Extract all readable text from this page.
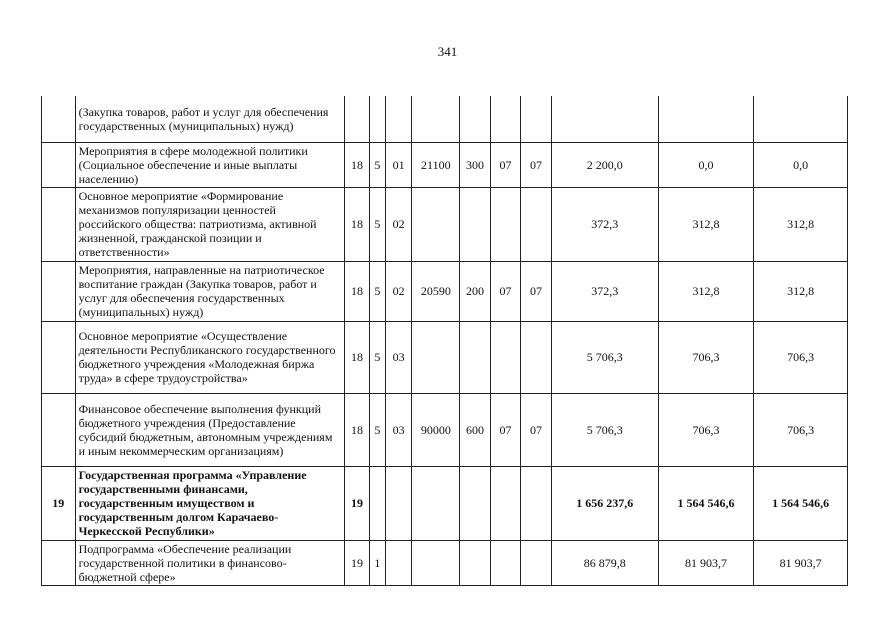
341
	(Закупка товаров, работ и услуг для обеспечения государственных (муниципальных) нужд)										
	Мероприятия в сфере молодежной политики (Социальное обеспечение и иные выплаты населению)	18	5	01	21100	300	07	07	2 200,0	0,0	0,0
	Основное мероприятие «Формирование механизмов популяризации ценностей российского общества: патриотизма, активной жизненной, гражданской позиции и ответственности»	18	5	02					372,3	312,8	312,8
	Мероприятия, направленные на патриотическое воспитание граждан (Закупка товаров, работ и услуг для обеспечения государственных (муниципальных) нужд)	18	5	02	20590	200	07	07	372,3	312,8	312,8
	Основное мероприятие «Осуществление деятельности Республиканского государственного бюджетного учреждения «Молодежная биржа труда» в сфере трудоустройства»	18	5	03					5 706,3	706,3	706,3
	Финансовое обеспечение выполнения функций бюджетного учреждения (Предоставление субсидий бюджетным, автономным учреждениям и иным некоммерческим организациям)	18	5	03	90000	600	07	07	5 706,3	706,3	706,3
19	Государственная программа «Управление государственными финансами, государственным имуществом и государственным долгом Карачаево-Черкесской Республики»	19							1 656 237,6	1 564 546,6	1 564 546,6
	Подпрограмма «Обеспечение реализации государственной политики в финансово-бюджетной сфере»	19	1						86 879,8	81 903,7	81 903,7
